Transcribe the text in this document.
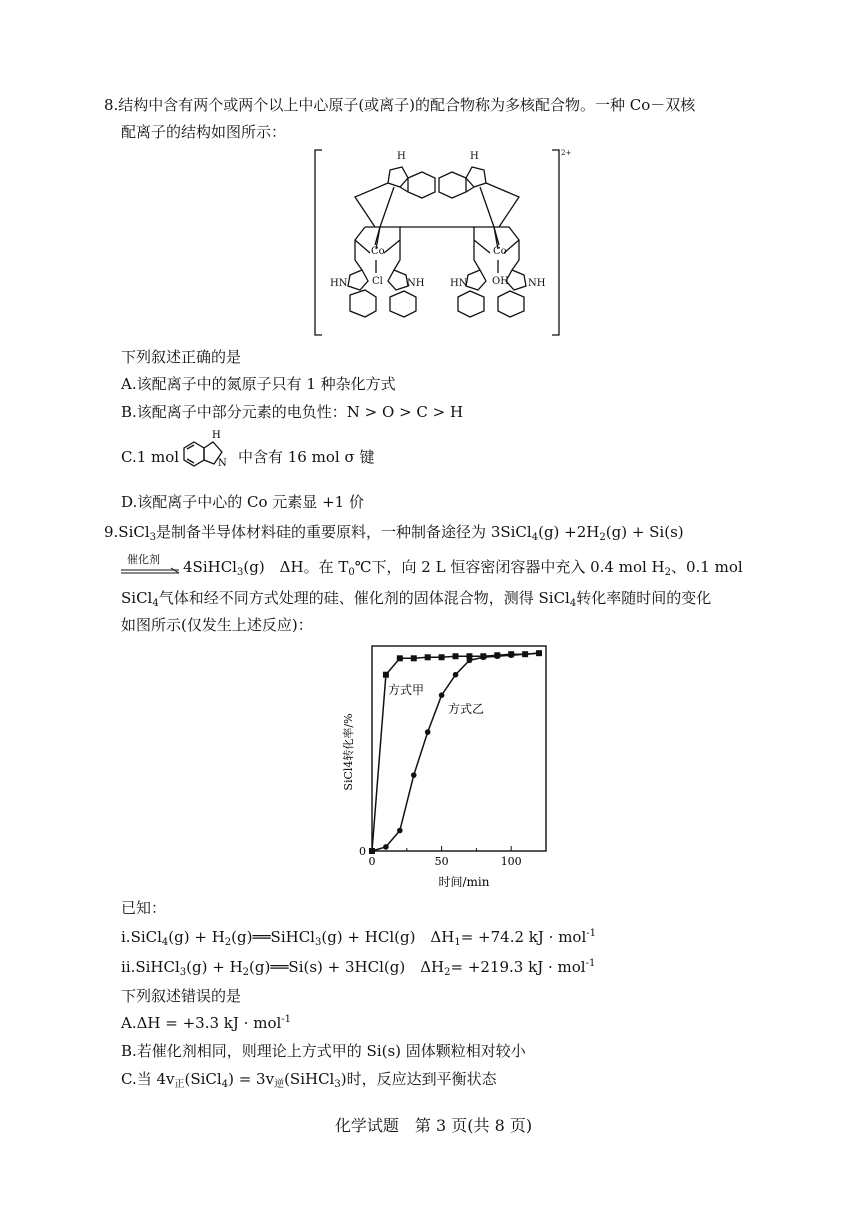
8.结构中含有两个或两个以上中心原子(或离子)的配合物称为多核配合物。一种 Co－双核
配离子的结构如图所示：
H	H
Co	Co
Cl	OH
HN	NH	HN	NH
2+
下列叙述正确的是
A.该配离子中的氮原子只有 1 种杂化方式
B.该配离子中部分元素的电负性：N > O > C > H
C.1 mol
H
N 中含有 16 mol σ 键
D.该配离子中心的 Co 元素显 +1 价
9.SiCl$_3$是制备半导体材料硅的重要原料，一种制备途径为 3SiCl$_4$(g) $+2H_2(g) + Si(s)$
催化剂 4SiHCl$_3$(g)　ΔH。在 $T_0℃$下，向 2 L 恒容密闭容器中充入 0.4 mol $H_2$、0.1 mol
SiCl$_4$气体和经不同方式处理的硅、催化剂的固体混合物，测得 SiCl$_4$转化率随时间的变化
如图所示(仅发生上述反应)：
0	50	100
0
SiCl4转化率/%
时间/min
方式甲
方式乙
已知：
ⅰ.SiCl$_4$(g) + $H_2(g)══SiHCl_3(g) + HCl(g)$　$\Delta H_1= +74.2$ kJ · mol$^{-1}$
ⅱ.SiHCl$_3$(g) + $H_2(g)══Si(s) + 3HCl(g)$　$\Delta H_2= +219.3$ kJ · mol$^{-1}$
下列叙述错误的是
A.ΔH = +3.3 kJ · mol$^{-1}$
B.若催化剂相同，则理论上方式甲的 Si(s) 固体颗粒相对较小
C.当 $4v_正(SiCl_4)$ = $3v_逆(SiHCl_3)$时，反应达到平衡状态
化学试题　第 3 页(共 8 页)
